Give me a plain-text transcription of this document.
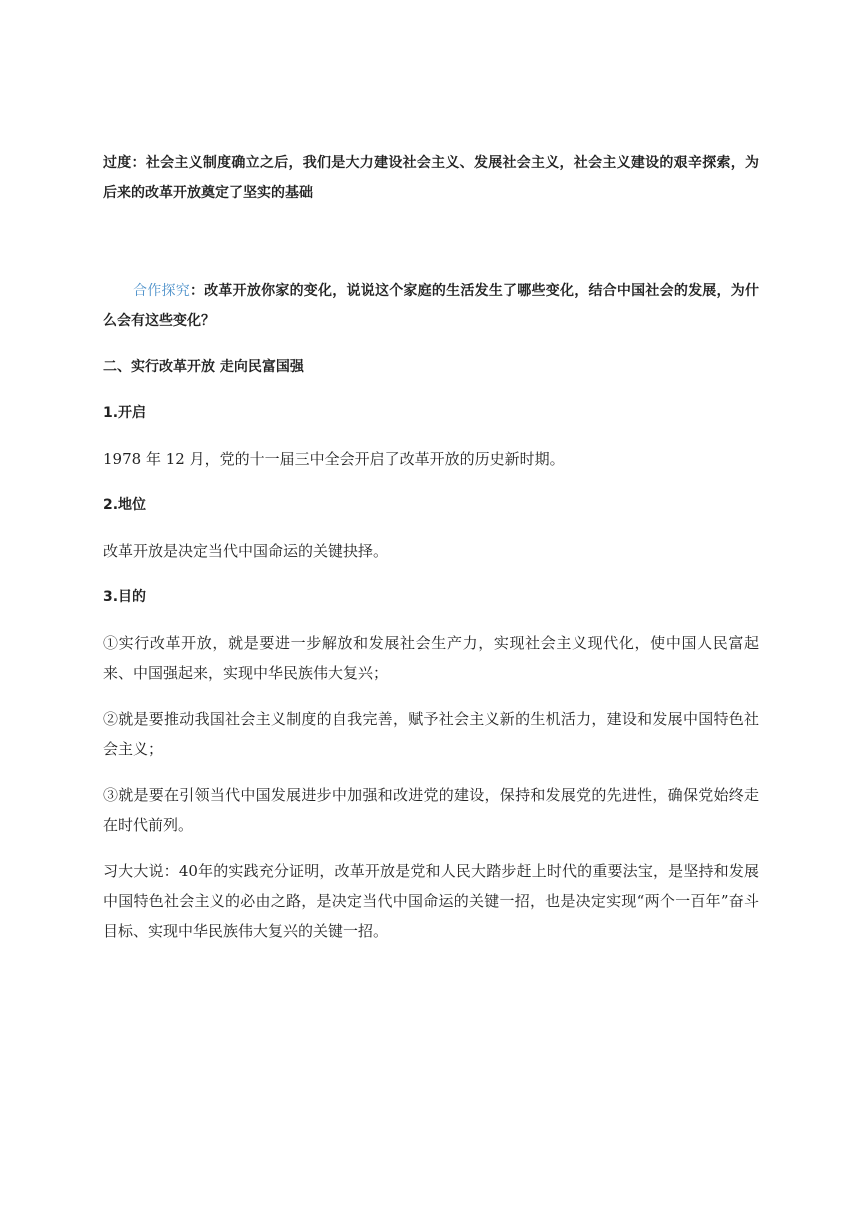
过度：社会主义制度确立之后，我们是大力建设社会主义、发展社会主义，社会主义建设的艰辛探索，为后来的改革开放奠定了坚实的基础

合作探究：改革开放你家的变化，说说这个家庭的生活发生了哪些变化，结合中国社会的发展，为什么会有这些变化？

二、实行改革开放 走向民富国强

1.开启

1978 年 12 月，党的十一届三中全会开启了改革开放的历史新时期。

2.地位

改革开放是决定当代中国命运的关键抉择。

3.目的

①实行改革开放，就是要进一步解放和发展社会生产力，实现社会主义现代化，使中国人民富起来、中国强起来，实现中华民族伟大复兴；

②就是要推动我国社会主义制度的自我完善，赋予社会主义新的生机活力，建设和发展中国特色社会主义；

③就是要在引领当代中国发展进步中加强和改进党的建设，保持和发展党的先进性，确保党始终走在时代前列。

习大大说：40年的实践充分证明，改革开放是党和人民大踏步赶上时代的重要法宝，是坚持和发展中国特色社会主义的必由之路，是决定当代中国命运的关键一招，也是决定实现“两个一百年”奋斗目标、实现中华民族伟大复兴的关键一招。
